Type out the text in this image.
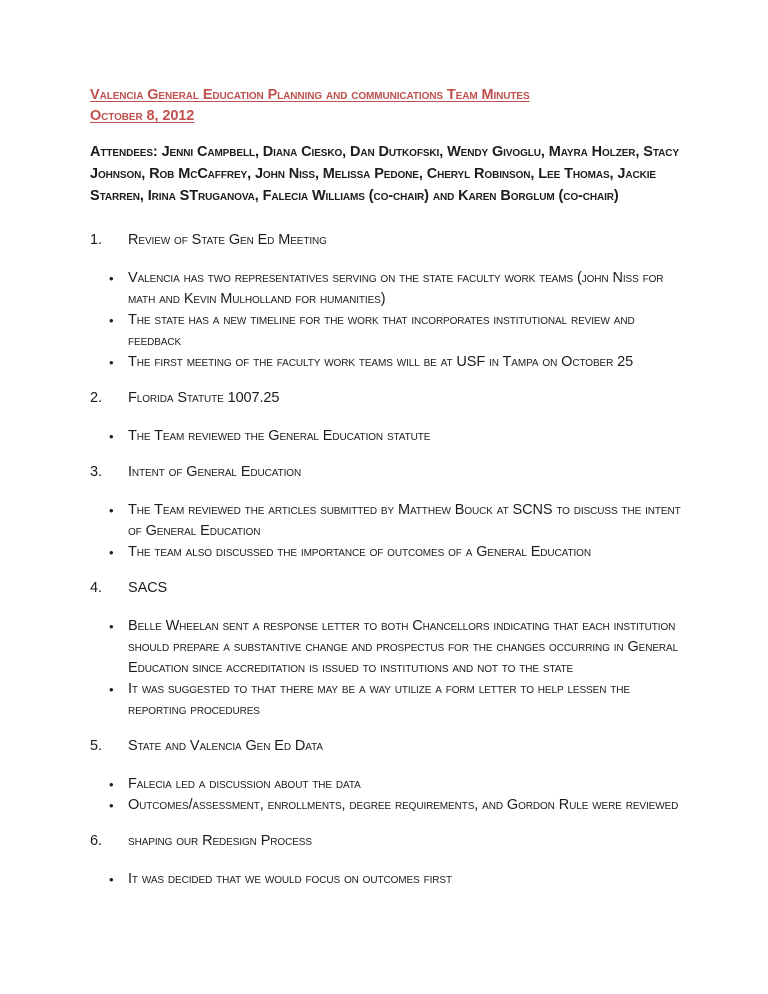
Valencia General Education Planning and communications Team Minutes
October 8, 2012

Attendees: Jenni Campbell, Diana Ciesko, Dan Dutkofski, Wendy Givoglu, Mayra Holzer, Stacy Johnson, Rob McCaffrey, John Niss, Melissa Pedone, Cheryl Robinson, Lee Thomas, Jackie Starren, Irina STruganova, Falecia Williams (co-chair) and Karen Borglum (co-chair)

1.	Review of State Gen Ed Meeting
• Valencia has two representatives serving on the state faculty work teams (john Niss for math and Kevin Mulholland for humanities)
• The state has a new timeline for the work that incorporates institutional review and feedback
• The first meeting of the faculty work teams will be at USF in Tampa on October 25
2.	Florida Statute 1007.25
• The Team reviewed the General Education statute
3.	Intent of General Education
• The Team reviewed the articles submitted by Matthew Bouck at SCNS to discuss the intent of General Education
• The team also discussed the importance of outcomes of a General Education
4.	SACS
• Belle Wheelan sent a response letter to both Chancellors indicating that each institution should prepare a substantive change and prospectus for the changes occurring in General Education since accreditation is issued to institutions and not to the state
• It was suggested to that there may be a way utilize a form letter to help lessen the reporting procedures
5.	State and Valencia Gen Ed Data
• Falecia led a discussion about the data
• Outcomes/assessment, enrollments, degree requirements, and Gordon Rule were reviewed
6.	shaping our Redesign Process
• It was decided that we would focus on outcomes first
